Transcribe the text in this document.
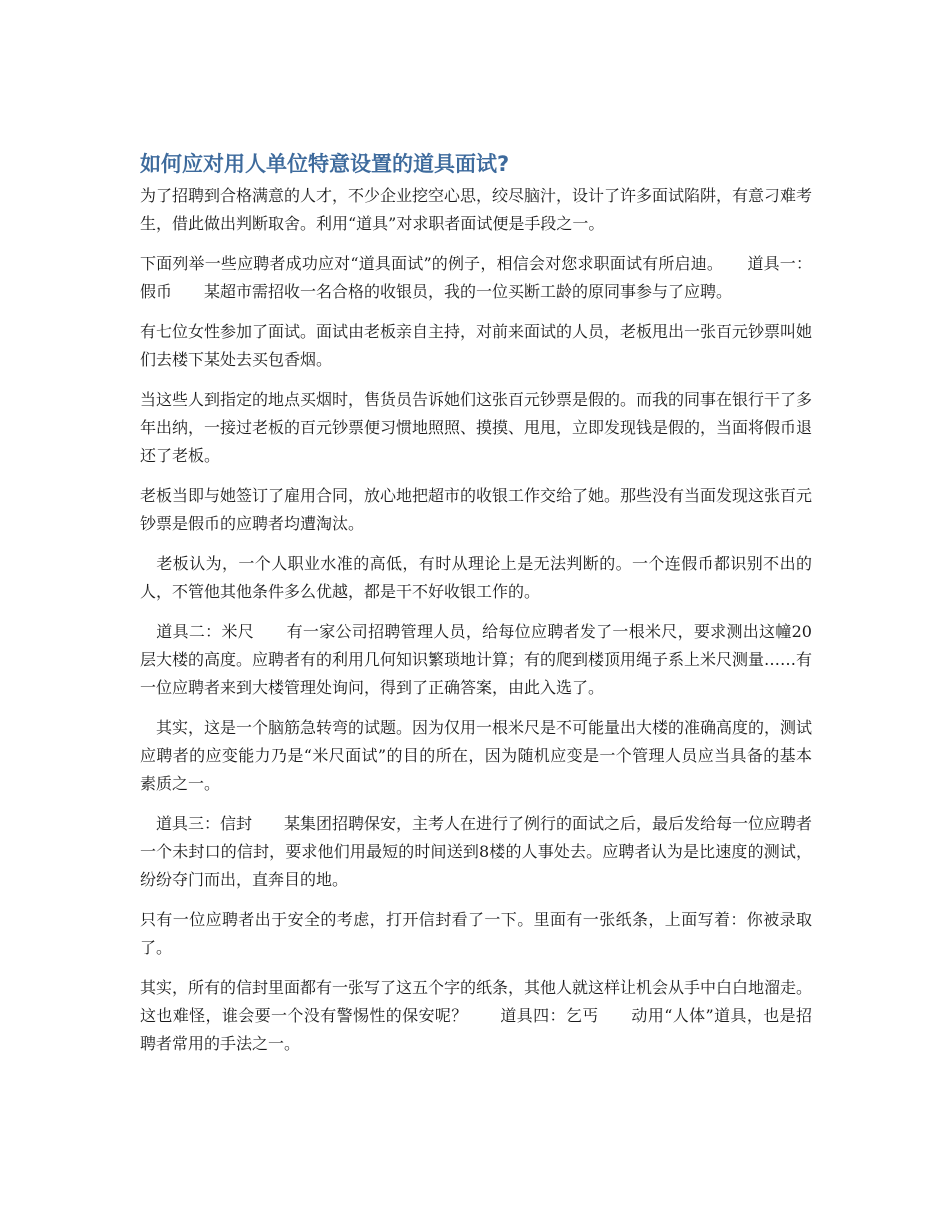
如何应对用人单位特意设置的道具面试?

为了招聘到合格满意的人才，不少企业挖空心思，绞尽脑汁，设计了许多面试陷阱，有意刁难考生，借此做出判断取舍。利用“道具”对求职者面试便是手段之一。

下面列举一些应聘者成功应对“道具面试”的例子，相信会对您求职面试有所启迪。　　道具一：假币　　某超市需招收一名合格的收银员，我的一位买断工龄的原同事参与了应聘。

有七位女性参加了面试。面试由老板亲自主持，对前来面试的人员，老板甩出一张百元钞票叫她们去楼下某处去买包香烟。

当这些人到指定的地点买烟时，售货员告诉她们这张百元钞票是假的。而我的同事在银行干了多年出纳，一接过老板的百元钞票便习惯地照照、摸摸、甩甩，立即发现钱是假的，当面将假币退还了老板。

老板当即与她签订了雇用合同，放心地把超市的收银工作交给了她。那些没有当面发现这张百元钞票是假币的应聘者均遭淘汰。

　老板认为，一个人职业水准的高低，有时从理论上是无法判断的。一个连假币都识别不出的人，不管他其他条件多么优越，都是干不好收银工作的。

　道具二：米尺　　有一家公司招聘管理人员，给每位应聘者发了一根米尺，要求测出这幢20层大楼的高度。应聘者有的利用几何知识繁琐地计算；有的爬到楼顶用绳子系上米尺测量……有一位应聘者来到大楼管理处询问，得到了正确答案，由此入选了。

　其实，这是一个脑筋急转弯的试题。因为仅用一根米尺是不可能量出大楼的准确高度的，测试应聘者的应变能力乃是“米尺面试”的目的所在，因为随机应变是一个管理人员应当具备的基本素质之一。

　道具三：信封　　某集团招聘保安，主考人在进行了例行的面试之后，最后发给每一位应聘者一个未封口的信封，要求他们用最短的时间送到8楼的人事处去。应聘者认为是比速度的测试，纷纷夺门而出，直奔目的地。

只有一位应聘者出于安全的考虑，打开信封看了一下。里面有一张纸条，上面写着：你被录取了。

其实，所有的信封里面都有一张写了这五个字的纸条，其他人就这样让机会从手中白白地溜走。这也难怪，谁会要一个没有警惕性的保安呢？　　道具四：乞丐　　动用“人体”道具，也是招聘者常用的手法之一。
